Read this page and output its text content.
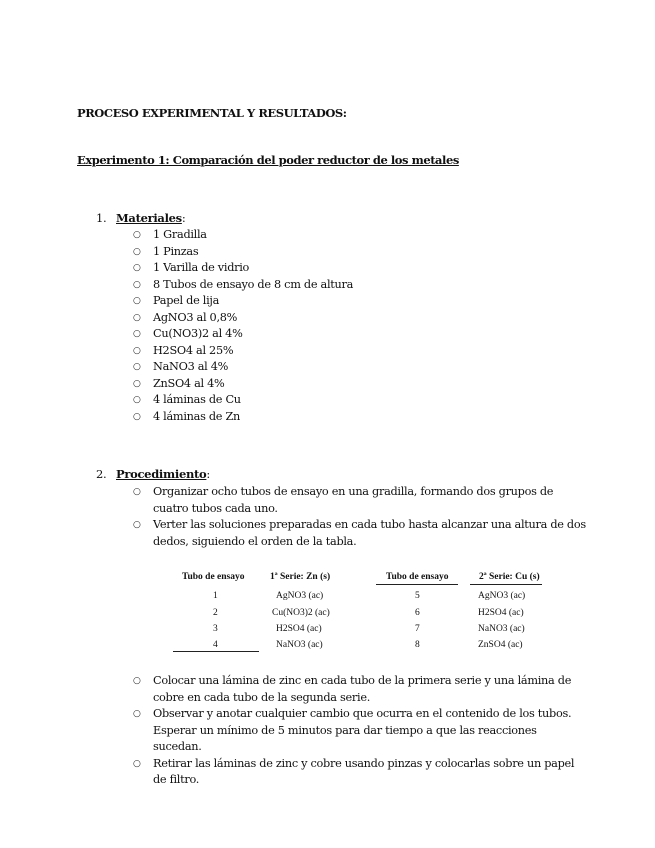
PROCESO EXPERIMENTAL Y RESULTADOS:
Experimento 1: Comparación del poder reductor de los metales
1. Materiales:
○ 1 Gradilla
○ 1 Pinzas
○ 1 Varilla de vidrio
○ 8 Tubos de ensayo de 8 cm de altura
○ Papel de lija
○ AgNO3 al 0,8%
○ Cu(NO3)2 al 4%
○ H2SO4 al 25%
○ NaNO3 al 4%
○ ZnSO4 al 4%
○ 4 láminas de Cu
○ 4 láminas de Zn
2. Procedimiento:
○ Organizar ocho tubos de ensayo en una gradilla, formando dos grupos de cuatro tubos cada uno.
○ Verter las soluciones preparadas en cada tubo hasta alcanzar una altura de dos dedos, siguiendo el orden de la tabla.
Tubo de ensayo	1ª Serie: Zn (s)	Tubo de ensayo	2ª Serie: Cu (s)
1	AgNO3 (ac)	5	AgNO3 (ac)
2	Cu(NO3)2 (ac)	6	H2SO4 (ac)
3	H2SO4 (ac)	7	NaNO3 (ac)
4	NaNO3 (ac)	8	ZnSO4 (ac)
○ Colocar una lámina de zinc en cada tubo de la primera serie y una lámina de cobre en cada tubo de la segunda serie.
○ Observar y anotar cualquier cambio que ocurra en el contenido de los tubos. Esperar un mínimo de 5 minutos para dar tiempo a que las reacciones sucedan.
○ Retirar las láminas de zinc y cobre usando pinzas y colocarlas sobre un papel de filtro.
